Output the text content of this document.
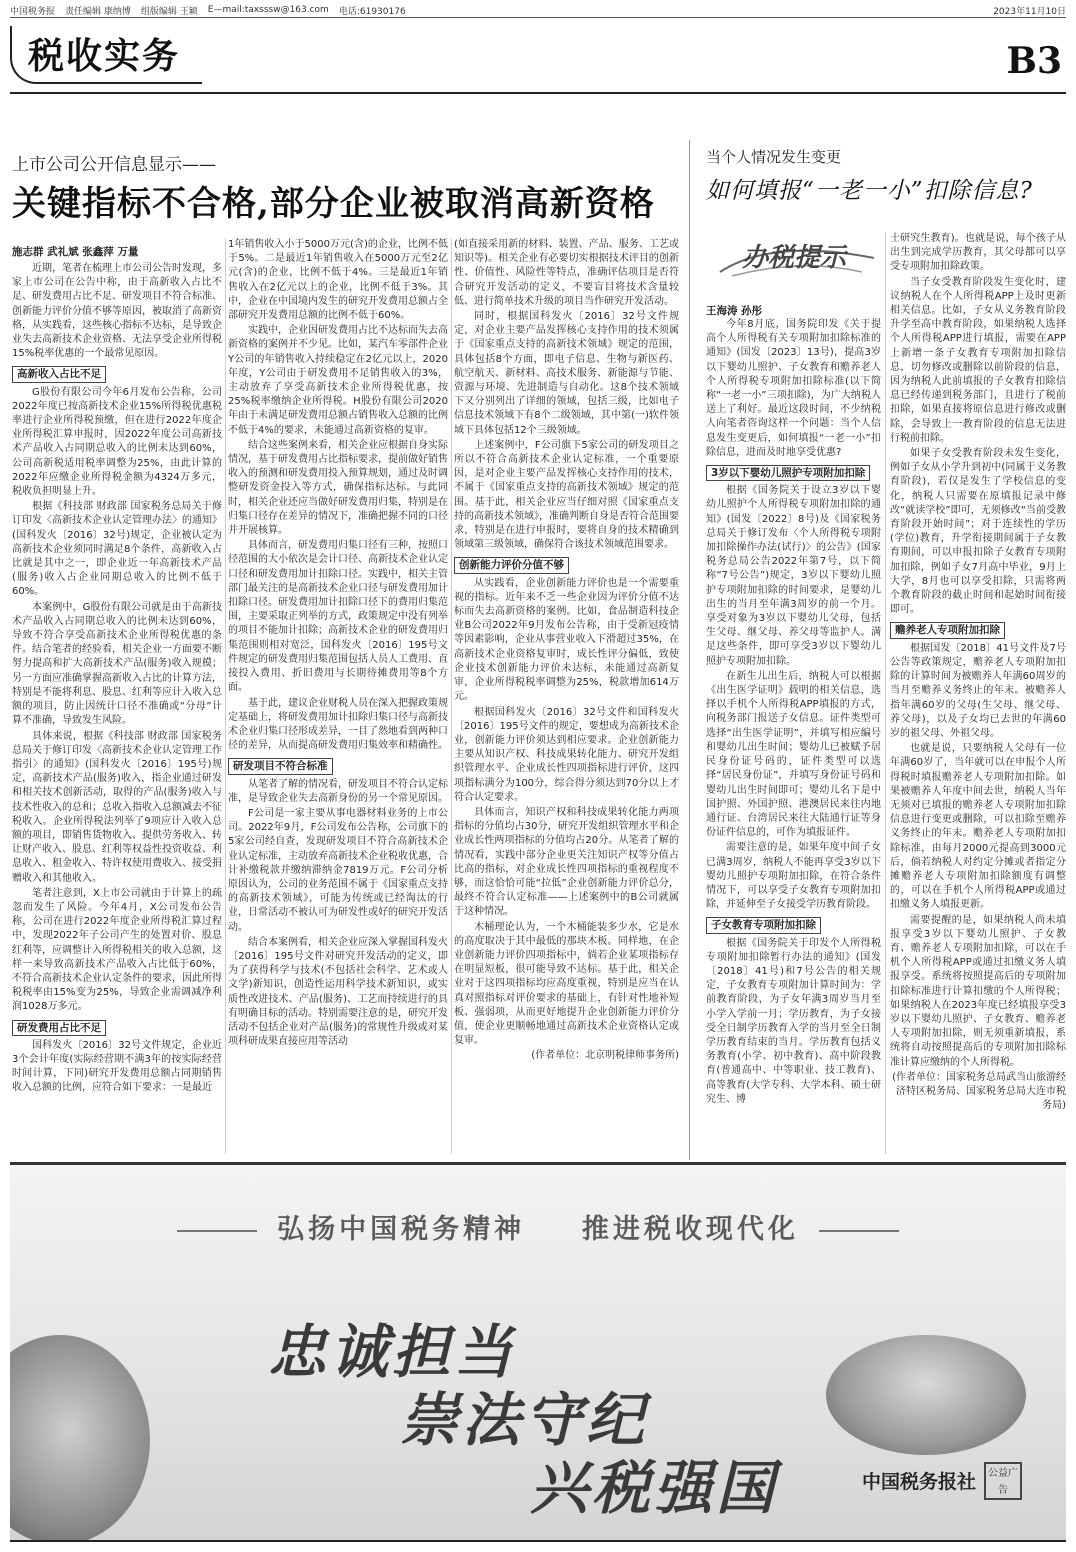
中国税务报 责任编辑 康纳博 组版编辑 王颖 E—mail:taxsssw@163.com 电话:61930176	2023年11月10日
税收实务	B3
上市公司公开信息显示——
关键指标不合格,部分企业被取消高新资格
施志群 武礼斌 张鑫萍 万量

近期，笔者在梳理上市公司公告时发现，多家上市公司在公告中称，由于高新收入占比不足、研发费用占比不足、研发项目不符合标准、创新能力评价分值不够等原因，被取消了高新资格，从实践看，这些核心指标不达标，是导致企业失去高新技术企业资格、无法享受企业所得税15%税率优惠的一个最常见原因。

高新收入占比不足

G股份有限公司今年6月发布公告称，公司2022年度已按高新技术企业15%所得税优惠税率进行企业所得税预缴，但在进行2022年度企业所得税汇算申报时，因2022年度公司高新技术产品收入占同期总收入的比例未达到60%，公司高新税适用税率调整为25%，由此计算的2022年应缴企业所得税金额为4324万多元，税收负担明显上升。

根据《科技部 财政部 国家税务总局关于修订印发〈高新技术企业认定管理办法〉的通知》(国科发火〔2016〕32号)规定，企业被认定为高新技术企业须同时满足8个条件，高新收入占比就是其中之一，即企业近一年高新技术产品(服务)收入占企业同期总收入的比例不低于60%。

本案例中，G股份有限公司就是由于高新技术产品收入占同期总收入的比例未达到60%，导致不符合享受高新技术企业所得税优惠的条件。结合笔者的经验看，相关企业一方面要不断努力提高和扩大高新技术产品(服务)收入规模；另一方面应准确掌握高新收入占比的计算方法，特别是不能将利息、股息、红利等应计入收入总额的项目，防止因统计口径不准确或“分母”计算不准确，导致发生风险。

具体来说，根据《科技部 财政部 国家税务总局关于修订印发〈高新技术企业认定管理工作指引〉的通知》(国科发火〔2016〕195号)规定，高新技术产品(服务)收入，指企业通过研发和相关技术创新活动，取得的产品(服务)收入与技术性收入的总和；总收入指收入总额减去不征税收入。企业所得税法列举了9项应计入收入总额的项目，即销售货物收入、提供劳务收入、转让财产收入、股息、红利等权益性投资收益、利息收入、租金收入、特许权使用费收入、接受捐赠收入和其他收入。

笔者注意到，X上市公司就由于计算上的疏忽而发生了风险。今年4月，X公司发布公告称，公司在进行2022年度企业所得税汇算过程中，发现2022年子公司产生的处置对价、股息红利等，应调整计入所得税相关的收入总额，这样一来导致高新技术产品收入占比低于60%，不符合高新技术企业认定条件的要求，因此所得税税率由15%变为25%，导致企业需调减净利润1028万多元。

研发费用占比不足

国科发火〔2016〕32号文件规定，企业近3个会计年度(实际经营期不满3年的按实际经营时间计算，下同)研究开发费用总额占同期销售收入总额的比例，应符合如下要求：一是最近

1年销售收入小于5000万元(含)的企业，比例不低于5%。二是最近1年销售收入在5000万元至2亿元(含)的企业，比例不低于4%。三是最近1年销售收入在2亿元以上的企业，比例不低于3%。其中，企业在中国境内发生的研究开发费用总额占全部研究开发费用总额的比例不低于60%。

实践中，企业因研发费用占比不达标而失去高新资格的案例并不少见。比如，某汽车零部件企业Y公司的年销售收入持续稳定在2亿元以上，2020年度，Y公司由于研发费用不足销售收入的3%，主动放弃了享受高新技术企业所得税优惠，按25%税率缴纳企业所得税。H股份有限公司2020年由于未满足研发费用总额占销售收入总额的比例不低于4%的要求，未能通过高新资格的复审。

结合这些案例来看，相关企业应根据自身实际情况，基于研发费用占比指标要求，提前做好销售收入的预测和研发费用投入预算规划，通过及时调整研发资金投入等方式，确保指标达标。与此同时，相关企业还应当做好研发费用归集，特别是在归集口径存在差异的情况下，准确把握不同的口径并开展核算。

具体而言，研发费用归集口径有三种，按照口径范围的大小依次是会计口径、高新技术企业认定口径和研发费用加计扣除口径。实践中，相关主管部门最关注的是高新技术企业口径与研发费用加计扣除口径。研发费用加计扣除口径下的费用归集范围，主要采取正列举的方式，政策规定中没有列举的项目不能加计扣除；高新技术企业的研发费用归集范围则相对宽泛，国科发火〔2016〕195号文件规定的研发费用归集范围包括人员人工费用、直接投入费用、折旧费用与长期待摊费用等8个方面。

基于此，建议企业财税人员在深入把握政策规定基础上，将研发费用加计扣除归集口径与高新技术企业归集口径形成差异，一目了然地看到两种口径的差异，从而提高研发费用归集效率和精确性。

研发项目不符合标准

从笔者了解的情况看，研发项目不符合认定标准，是导致企业失去高新身份的另一个常见原因。

F公司是一家主要从事电器材料业务的上市公司。2022年9月，F公司发布公告称，公司旗下的5家公司经自查，发现研发项目不符合高新技术企业认定标准，主动放弃高新技术企业税收优惠，合计补缴税款并缴纳滞纳金7819万元。F公司分析原因认为，公司的业务范围不属于《国家重点支持的高新技术领域》，可能为传统或已经淘汰的行业，日常活动不被认可为研发性或好的研究开发活动。

结合本案例看，相关企业应深入掌握国科发火〔2016〕195号文件对研究开发活动的定义，即为了获得科学与技术(不包括社会科学、艺术或人文学)新知识，创造性运用科学技术新知识，或实质性改进技术、产品(服务)、工艺而持续进行的具有明确目标的活动。特别需要注意的是，研究开发活动不包括企业对产品(服务)的常规性升级或对某项科研成果直接应用等活动

(如直接采用新的材料、装置、产品、服务、工艺或知识等)。相关企业有必要切实根据技术评目的创新性、价值性、风险性等特点，准确评估项目是否符合研究开发活动的定义，不要盲目将技术含量较低、进行简单技术升级的项目当作研究开发活动。

同时，根据国科发火〔2016〕32号文件规定，对企业主要产品发挥核心支持作用的技术须属于《国家重点支持的高新技术领域》规定的范围，具体包括8个方面，即电子信息、生物与新医药、航空航天、新材料、高技术服务、新能源与节能、资源与环境、先进制造与自动化。这8个技术领域下又分别列出了详细的领域，包括三级，比如电子信息技术领域下有8个二级领域，其中第(一)软件领域下具体包括12个三级领域。

上述案例中，F公司旗下5家公司的研发项目之所以不符合高新技术企业认定标准，一个重要原因，是对企业主要产品发挥核心支持作用的技术，不属于《国家重点支持的高新技术领域》规定的范围。基于此，相关企业应当仔细对照《国家重点支持的高新技术领域》，准确判断自身是否符合范围要求，特别是在进行申报时，要将自身的技术精确到领域第三级领域，确保符合该技术领域范围要求。

创新能力评价分值不够

从实践看，企业创新能力评价也是一个需要重视的指标。近年来不乏一些企业因为评价分值不达标而失去高新资格的案例。比如，食品制造科技企业B公司2022年9月发布公告称，由于受新冠疫情等因素影响，企业从事营业收入下滑超过35%，在高新技术企业资格复审时，成长性评分偏低，致使企业技术创新能力评价未达标，未能通过高新复审，企业所得税税率调整为25%，税款增加614万元。

根据国科发火〔2016〕32号文件和国科发火〔2016〕195号文件的规定，要想成为高新技术企业，创新能力评价须达到相应要求。企业创新能力主要从知识产权、科技成果转化能力、研究开发组织管理水平、企业成长性四项指标进行评价，这四项指标满分为100分，综合得分须达到70分以上才符合认定要求。

具体而言，知识产权和科技成果转化能力两项指标的分值均占30分，研究开发组织管理水平和企业成长性两项指标的分值均占20分。从笔者了解的情况看，实践中部分企业更关注知识产权等分值占比高的指标，对企业成长性四项指标的重视程度不够，而这恰恰可能“拉低”企业创新能力评价总分，最终不符合认定标准——上述案例中的B公司就属于这种情况。

木桶理论认为，一个木桶能装多少水，它是水的高度取决于其中最低的那块木板。同样地，在企业创新能力评价四项指标中，倘若企业某项指标存在明显短板，很可能导致不达标。基于此，相关企业对于这四项指标均应高度重视，特别是应当在认真对照指标对评价要求的基础上，有针对性地补短板、强弱项，从而更好地提升企业创新能力评价分值，使企业更顺畅地通过高新技术企业资格认定或复审。

(作者单位：北京明税律师事务所)

当个人情况发生变更
如何填报“一老一小”扣除信息?
办税提示
王海涛 孙彤

今年8月底，国务院印发《关于提高个人所得税有关专项附加扣除标准的通知》(国发〔2023〕13号)，提高3岁以下婴幼儿照护、子女教育和赡养老人个人所得税专项附加扣除标准(以下简称“一老一小”三项扣除)，为广大纳税人送上了利好。最近这段时间，不少纳税人向笔者咨询这样一个问题：当个人信息发生变更后，如何填报“一老一小”扣除信息，进而及时地享受优惠?

3岁以下婴幼儿照护专项附加扣除

根据《国务院关于设立3岁以下婴幼儿照护个人所得税专项附加扣除的通知》(国发〔2022〕8号)及《国家税务总局关于修订发布〈个人所得税专项附加扣除操作办法(试行)〉的公告》(国家税务总局公告2022年第7号，以下简称“7号公告”)规定，3岁以下婴幼儿照护专项附加扣除的时间要求，是婴幼儿出生的当月至年满3周岁的前一个月。享受对象为3岁以下婴幼儿父母，包括生父母、继父母、养父母等监护人。满足这些条件，即可享受3岁以下婴幼儿照护专项附加扣除。

在新生儿出生后，纳税人可以根据《出生医学证明》载明的相关信息，选择以手机个人所得税APP填报的方式，向税务部门报送子女信息。证件类型可选择“出生医学证明”，并填写相应编号和婴幼儿出生时间；婴幼儿已被赋予居民身份证号码的，证件类型可以选择“居民身份证”，并填写身份证号码和婴幼儿出生时间即可；婴幼儿名下是中国护照、外国护照、港澳居民来往内地通行证、台湾居民来往大陆通行证等身份证件信息的，可作为填报证件。

需要注意的是，如果年度中间子女已满3周岁，纳税人不能再享受3岁以下婴幼儿照护专项附加扣除，在符合条件情况下，可以享受子女教育专项附加扣除，并延伸至子女接受学历教育阶段。

子女教育专项附加扣除

根据《国务院关于印发个人所得税专项附加扣除暂行办法的通知》(国发〔2018〕41号)和7号公告的相关规定，子女教育专项附加计算时间为：学前教育阶段，为子女年满3周岁当月至小学入学前一月；学历教育，为子女接受全日制学历教育入学的当月至全日制学历教育结束的当月。学历教育包括义务教育(小学、初中教育)、高中阶段教育(普通高中、中等职业、技工教育)、高等教育(大学专科、大学本科、硕士研究生、博

士研究生教育)。也就是说，每个孩子从出生到完成学历教育，其父母都可以享受专项附加扣除政策。

当子女受教育阶段发生变化时，建议纳税人在个人所得税APP上及时更新相关信息。比如，子女从义务教育阶段升学至高中教育阶段，如果纳税人选择个人所得税APP进行填报，需要在APP上新增一条子女教育专项附加扣除信息，切勿修改或删除以前阶段的信息，因为纳税人此前填报的子女教育扣除信息已经传递到税务部门，且进行了税前扣除，如果直接将原信息进行修改或删除，会导致上一教育阶段的信息无法进行税前扣除。

如果子女受教育阶段未发生变化，例如子女从小学升到初中(同属于义务教育阶段)，若仅是发生了学校信息的变化，纳税人只需要在原填报记录中修改“就读学校”即可，无须修改“当前受教育阶段开始时间”；对于连续性的学历(学位)教育，升学衔接期间属于子女教育期间，可以申报扣除子女教育专项附加扣除，例如子女7月高中毕业，9月上大学，8月也可以享受扣除，只需将两个教育阶段的截止时间和起始时间衔接即可。

赡养老人专项附加扣除

根据国发〔2018〕41号文件及7号公告等政策规定，赡养老人专项附加扣除的计算时间为被赡养人年满60周岁的当月至赡养义务终止的年末。被赡养人指年满60岁的父母(生父母、继父母、养父母)，以及子女均已去世的年满60岁的祖父母、外祖父母。

也就是说，只要纳税人父母有一位年满60岁了，当年就可以在申报个人所得税时填报赡养老人专项附加扣除。如果被赡养人年度中间去世，纳税人当年无须对已填报的赡养老人专项附加扣除信息进行变更或删除，可以扣除至赡养义务终止的年末。赡养老人专项附加扣除标准，由每月2000元提高到3000元后，倘若纳税人对约定分摊或者指定分摊赡养老人专项附加扣除额度有调整的，可以在手机个人所得税APP或通过扣缴义务人填报更新。

需要提醒的是，如果纳税人尚未填报享受3岁以下婴幼儿照护、子女教育、赡养老人专项附加扣除，可以在手机个人所得税APP或通过扣缴义务人填报享受。系统将按照提高后的专项附加扣除标准进行计算扣缴的个人所得税；如果纳税人在2023年度已经填报享受3岁以下婴幼儿照护、子女教育、赡养老人专项附加扣除，则无须重新填报，系统将自动按照提高后的专项附加扣除标准计算应缴纳的个人所得税。

(作者单位：国家税务总局武当山旅游经济特区税务局、国家税务总局大连市税务局)

弘扬中国税务精神 推进税收现代化
忠诚担当
崇法守纪
兴税强国	中国税务报社	公益广告
